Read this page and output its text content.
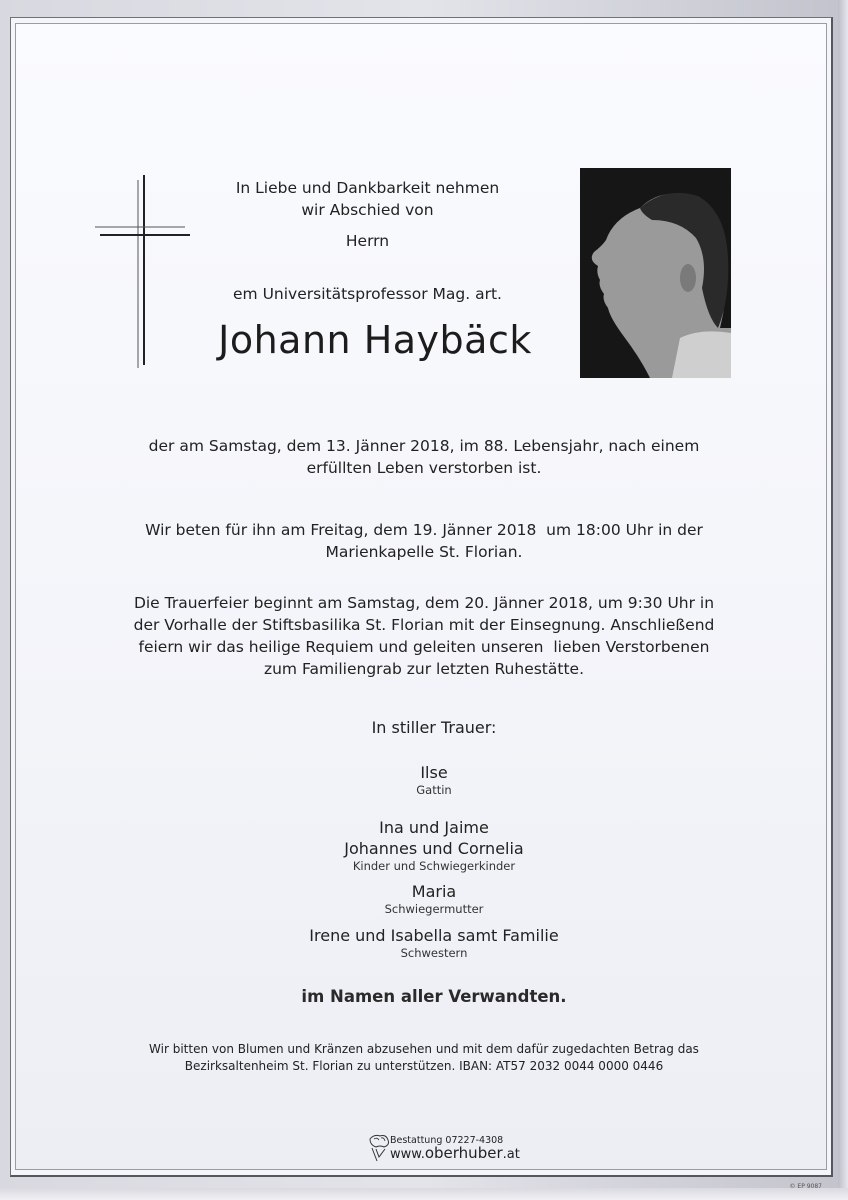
In Liebe und Dankbarkeit nehmen
wir Abschied von
Herrn
em Universitätsprofessor Mag. art.
Johann Haybäck
der am Samstag, dem 13. Jänner 2018, im 88. Lebensjahr, nach einem
erfüllten Leben verstorben ist.
Wir beten für ihn am Freitag, dem 19. Jänner 2018  um 18:00 Uhr in der
Marienkapelle St. Florian.
Die Trauerfeier beginnt am Samstag, dem 20. Jänner 2018, um 9:30 Uhr in
der Vorhalle der Stiftsbasilika St. Florian mit der Einsegnung. Anschließend
feiern wir das heilige Requiem und geleiten unseren  lieben Verstorbenen
zum Familiengrab zur letzten Ruhestätte.
In stiller Trauer:
Ilse
Gattin
Ina und Jaime
Johannes und Cornelia
Kinder und Schwiegerkinder
Maria
Schwiegermutter
Irene und Isabella samt Familie
Schwestern
im Namen aller Verwandten.
Wir bitten von Blumen und Kränzen abzusehen und mit dem dafür zugedachten Betrag das
Bezirksaltenheim St. Florian zu unterstützen. IBAN: AT57 2032 0044 0000 0446
Bestattung 07227-4308
www.oberhuber.at
© EP 9087
